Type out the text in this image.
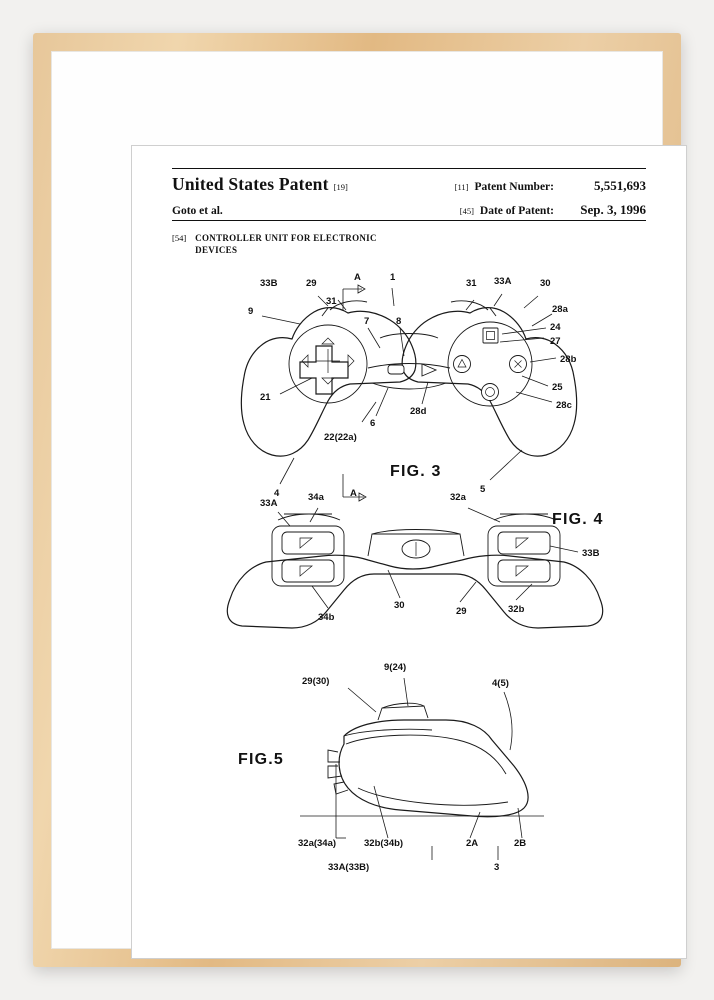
United States Patent [19]	[11] Patent Number:	5,551,693
Goto et al.	[45] Date of Patent:	Sep. 3, 1996
[54] CONTROLLER UNIT FOR ELECTRONIC
DEVICES
A
33B	29
31
1
31 33A	30
9
7	8
28a
24
27
28b
21
25
28c
28d
6
22(22a)
4	A	5
FIG. 3
33A
34a	32a
33B
34b
30
29	32b
FIG. 4
9(24)
29(30)	4(5)
32a(34a)	32b(34b)	2A	2B
33A(33B)	3
FIG.5
